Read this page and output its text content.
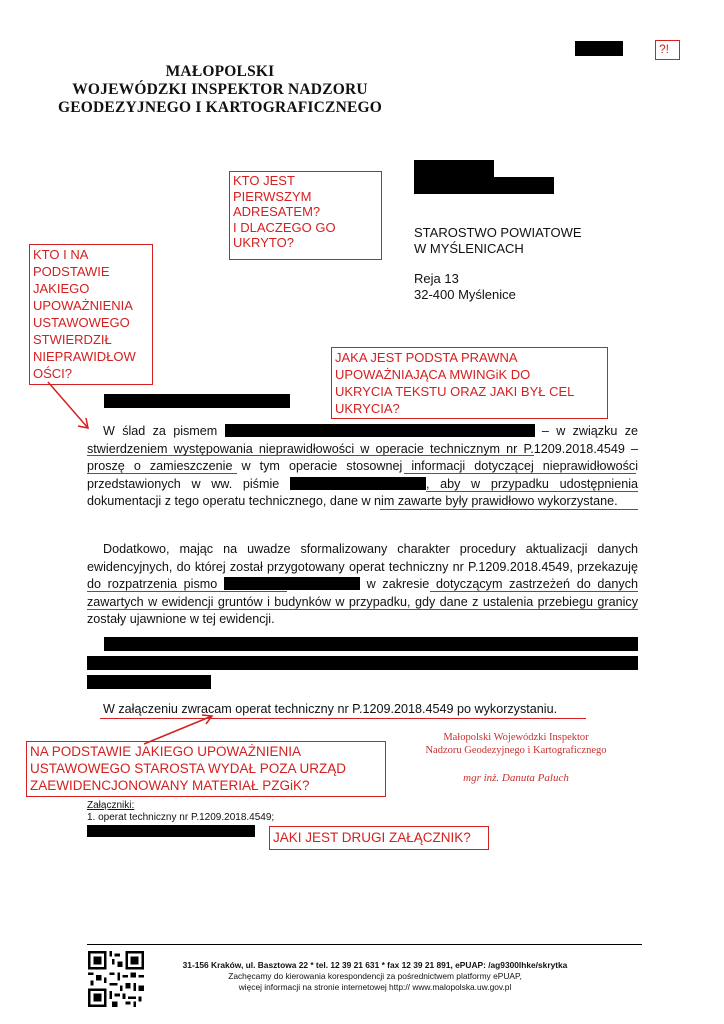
?!
MAŁOPOLSKI
WOJEWÓDZKI INSPEKTOR NADZORU
GEODEZYJNEGO I KARTOGRAFICZNEGO
STAROSTWO POWIATOWE
W MYŚLENICACH
Reja 13
32-400 Myślenice
KTO JEST
PIERWSZYM
ADRESATEM?
I DLACZEGO GO
UKRYTO?
KTO I NA
PODSTAWIE
JAKIEGO
UPOWAŻNIENIA
USTAWOWEGO
STWIERDZIŁ
NIEPRAWIDŁOW
OŚCI?
JAKA JEST PODSTA PRAWNA
UPOWAŻNIAJĄCA MWINGiK DO
UKRYCIA TEKSTU ORAZ JAKI BYŁ CEL
UKRYCIA?

W ślad za pismem	– w związku ze stwierdzeniem występowania nieprawidłowości w operacie technicznym nr P.1209.2018.4549 – proszę o zamieszczenie w tym operacie stosownej informacji dotyczącej nieprawidłowości przedstawionych w ww. piśmie	, aby w przypadku udostępnienia dokumentacji z tego operatu technicznego, dane w nim zawarte były prawidłowo wykorzystane.

Dodatkowo, mając na uwadze sformalizowany charakter procedury aktualizacji danych ewidencyjnych, do której został przygotowany operat techniczny nr P.1209.2018.4549, przekazuję do rozpatrzenia pismo	w zakresie dotyczącym zastrzeżeń do danych zawartych w ewidencji gruntów i budynków w przypadku, gdy dane z ustalenia przebiegu granicy zostały ujawnione w tej ewidencji.

W załączeniu zwracam operat techniczny nr P.1209.2018.4549 po wykorzystaniu.

NA PODSTAWIE JAKIEGO UPOWAŻNIENIA
USTAWOWEGO STAROSTA WYDAŁ POZA URZĄD
ZAEWIDENCJONOWANY MATERIAŁ PZGiK?
Małopolski Wojewódzki Inspektor
Nadzoru Geodezyjnego i Kartograficznego
mgr inż. Danuta Paluch
Załączniki:
1. operat techniczny nr P.1209.2018.4549;
JAKI JEST DRUGI ZAŁĄCZNIK?
31-156 Kraków, ul. Basztowa 22 * tel. 12 39 21 631 * fax 12 39 21 891, ePUAP: /ag9300lhke/skrytka
Zachęcamy do kierowania korespondencji za pośrednictwem platformy ePUAP,
więcej informacji na stronie internetowej http:// www.malopolska.uw.gov.pl
